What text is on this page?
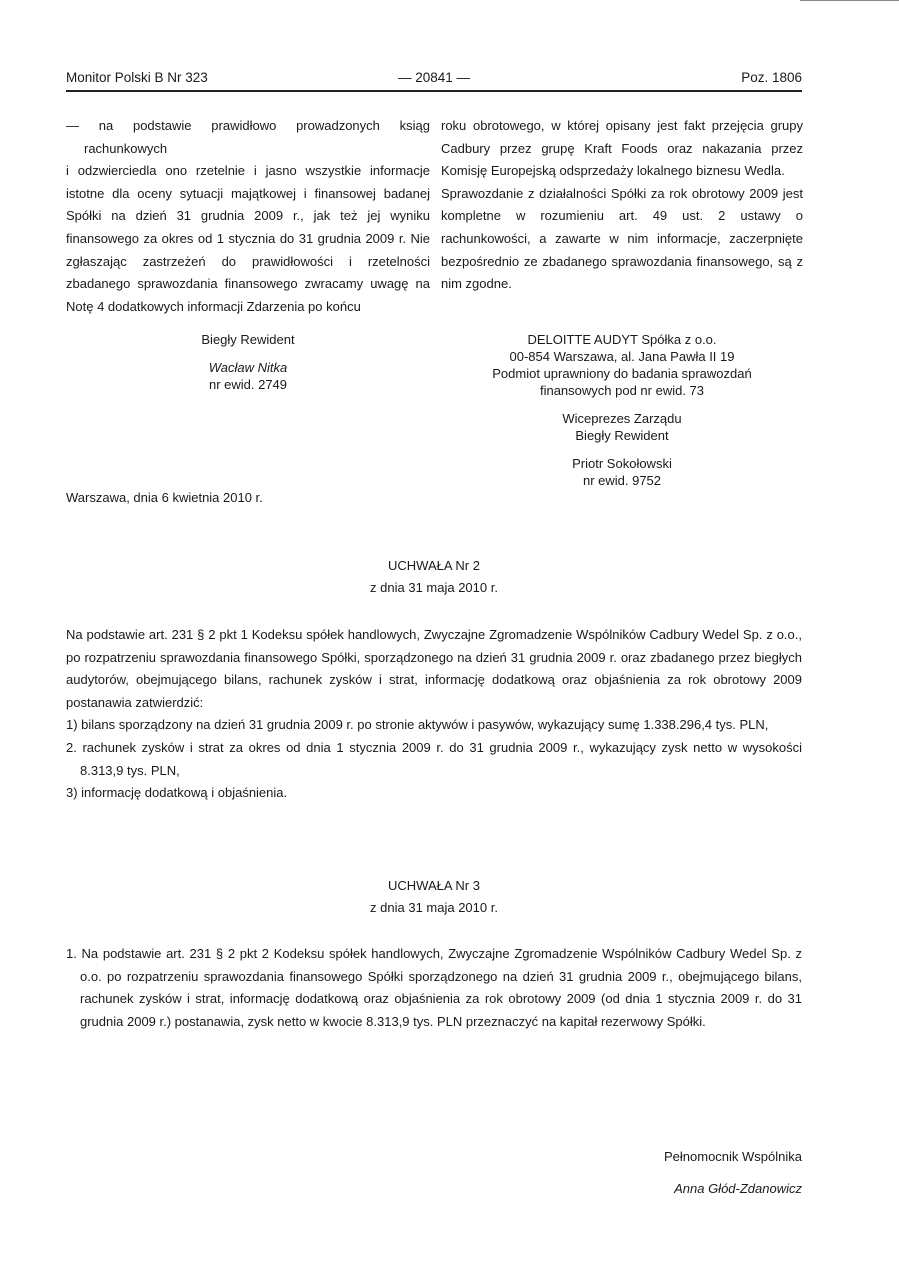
Monitor Polski B Nr 323	— 20841 —	Poz. 1806

— na podstawie prawidłowo prowadzonych ksiąg rachunkowych

i odzwierciedla ono rzetelnie i jasno wszystkie informacje istotne dla oceny sytuacji majątkowej i finansowej badanej Spółki na dzień 31 grudnia 2009 r., jak też jej wyniku finansowego za okres od 1 stycznia do 31 grudnia 2009 r. Nie zgłaszając zastrzeżeń do prawidłowości i rzetelności zbadanego sprawozdania finansowego zwracamy uwagę na Notę 4 dodatkowych informacji Zdarzenia po końcu

roku obrotowego, w której opisany jest fakt przejęcia grupy Cadbury przez grupę Kraft Foods oraz nakazania przez Komisję Europejską odsprzedaży lokalnego biznesu Wedla.

Sprawozdanie z działalności Spółki za rok obrotowy 2009 jest kompletne w rozumieniu art. 49 ust. 2 ustawy o rachunkowości, a zawarte w nim informacje, zaczerpnięte bezpośrednio ze zbadanego sprawozdania finansowego, są z nim zgodne.

Biegły Rewident
Wacław Nitka
nr ewid. 2749
DELOITTE AUDYT Spółka z o.o.
00-854 Warszawa, al. Jana Pawła II 19
Podmiot uprawniony do badania sprawozdań
finansowych pod nr ewid. 73
Wiceprezes Zarządu
Biegły Rewident
Priotr Sokołowski
nr ewid. 9752
Warszawa, dnia 6 kwietnia 2010 r.
UCHWAŁA Nr 2
z dnia 31 maja 2010 r.

Na podstawie art. 231 § 2 pkt 1 Kodeksu spółek handlowych, Zwyczajne Zgromadzenie Wspólników Cadbury Wedel Sp. z o.o., po rozpatrzeniu sprawozdania finansowego Spółki, sporządzonego na dzień 31 grudnia 2009 r. oraz zbadanego przez biegłych audytorów, obejmującego bilans, rachunek zysków i strat, informację dodatkową oraz objaśnienia za rok obrotowy 2009 postanawia zatwierdzić:

1) bilans sporządzony na dzień 31 grudnia 2009 r. po stronie aktywów i pasywów, wykazujący sumę 1.338.296,4 tys. PLN,

2. rachunek zysków i strat za okres od dnia 1 stycznia 2009 r. do 31 grudnia 2009 r., wykazujący zysk netto w wysokości 8.313,9 tys. PLN,

3) informację dodatkową i objaśnienia.

UCHWAŁA Nr 3
z dnia 31 maja 2010 r.

1. Na podstawie art. 231 § 2 pkt 2 Kodeksu spółek handlowych, Zwyczajne Zgromadzenie Wspólników Cadbury Wedel Sp. z o.o. po rozpatrzeniu sprawozdania finansowego Spółki sporządzonego na dzień 31 grudnia 2009 r., obejmującego bilans, rachunek zysków i strat, informację dodatkową oraz objaśnienia za rok obrotowy 2009 (od dnia 1 stycznia 2009 r. do 31 grudnia 2009 r.) postanawia, zysk netto w kwocie 8.313,9 tys. PLN przeznaczyć na kapitał rezerwowy Spółki.

Pełnomocnik Wspólnika
Anna Głód-Zdanowicz
